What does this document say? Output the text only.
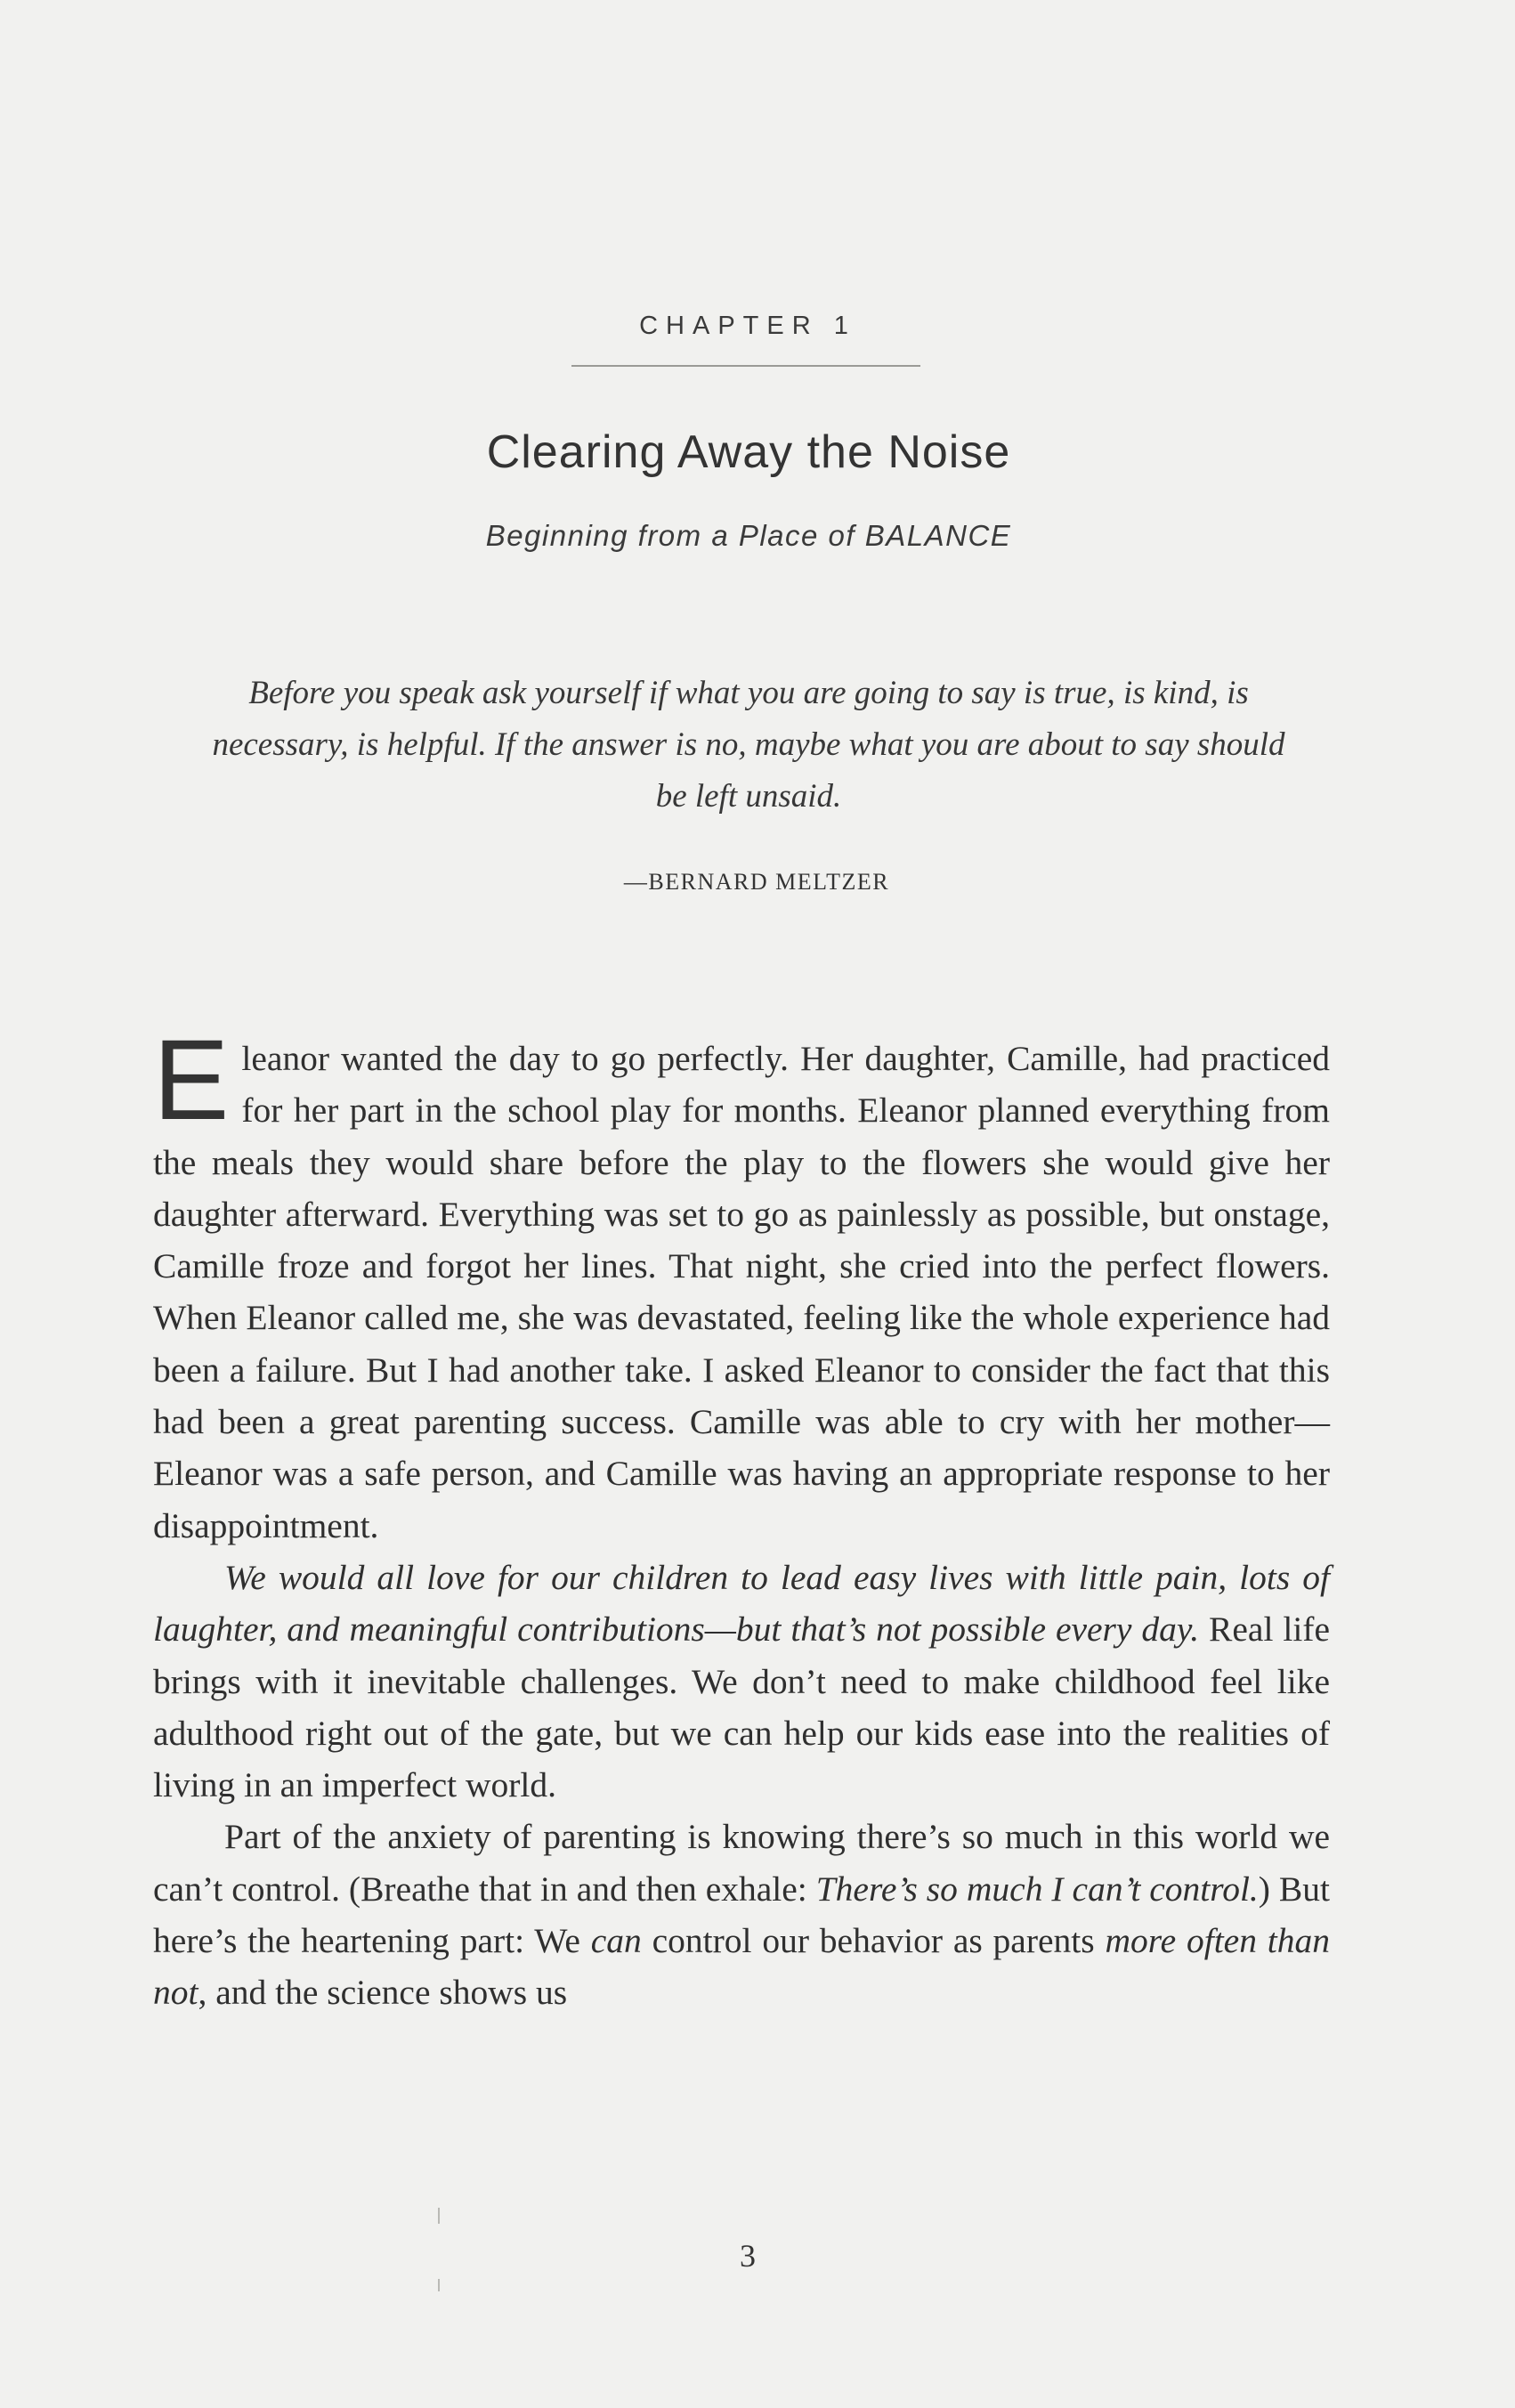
CHAPTER 1
Clearing Away the Noise
Beginning from a Place of BALANCE
Before you speak ask yourself if what you are going to say is true, is kind, is necessary, is helpful. If the answer is no, maybe what you are about to say should be left unsaid.
—BERNARD MELTZER

Eleanor wanted the day to go perfectly. Her daughter, Camille, had practiced for her part in the school play for months. Eleanor planned everything from the meals they would share before the play to the flowers she would give her daughter afterward. Everything was set to go as painlessly as possible, but onstage, Camille froze and forgot her lines. That night, she cried into the perfect flowers. When Eleanor called me, she was devastated, feeling like the whole experience had been a failure. But I had another take. I asked Eleanor to consider the fact that this had been a great parenting success. Camille was able to cry with her mother—Eleanor was a safe person, and Camille was having an appropriate response to her disappointment.

We would all love for our children to lead easy lives with little pain, lots of laughter, and meaningful contributions—but that’s not possible every day. Real life brings with it inevitable challenges. We don’t need to make childhood feel like adulthood right out of the gate, but we can help our kids ease into the realities of living in an imperfect world.

Part of the anxiety of parenting is knowing there’s so much in this world we can’t control. (Breathe that in and then exhale: There’s so much I can’t control.) But here’s the heartening part: We can control our behavior as parents more often than not, and the science shows us

3
